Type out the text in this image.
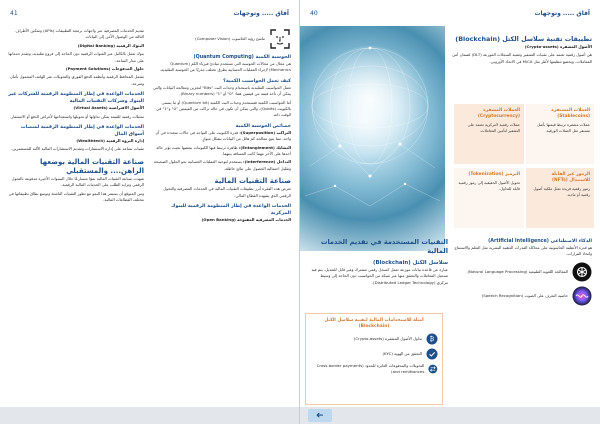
41	آفاق ..... وتوجهات
ماسح رؤية الحاسوب (Computer Vision)
الحوسبة الكمية (Quantum Computing)

هي مجال من مجالات الحوسبة التي تستخدم مبادئ فيزياء الكم (Quantum Mechanics) لإجراء العمليات الحسابية بطرق تختلف جذريًا عن الحوسبة التقليدية.

كيف تعمل الحواسيب الكمية؟

تعمل الحواسيب التقليدية باستخدام وحدات البت "Bits" لتخزين ومعالجة البيانات والتي يمكن أن تأخذ قيمة من قيمتين هما: "0" أو "1" (Binary numbers).

أما الحواسيب الكمية فتستخدم وحدات البت الكمية (Quantum bit) أو ما يسمى بالكيوبت (Qubits)، والتي يمكن أن تكون في حالة تراكب من القيمتين "0" و"1" في الوقت ذاته.

خصائص الحوسبة الكمية

التراكب (Superposition): قدرة الكيوبت على التواجد في حالات متعددة في آن واحد، مما يتيح معالجة كم هائل من البيانات بشكل متوازٍ.

التشابك (Entanglement): ظاهرة ترتبط فيها الكيوبتات ببعضها بحيث تؤثر حالة أحدها على الآخر مهما كانت المسافة بينهما.

التداخل (Interference): يستخدم لتوجيه العمليات الحسابية نحو الحلول الصحيحة وتقليل احتمالية الحصول على نتائج خاطئة.

صناعة التقنيات المالية

تعرض هذه الفقرة أبرز تطبيقات التقنيات المالية في الخدمات المصرفية والتحول الرقمي الذي يشهده القطاع المالي.

الخدمات الواعدة في إطار المنظومة الرقمية للبنوك المركزية

الخدمات المصرفية المفتوحة (Open Banking)

تقديم الخدمات المصرفية عبر واجهات برمجة التطبيقات (APIs) وتمكين الأطراف الثالثة من الوصول الآمن إلى البيانات.

البنوك الرقمية (Digital Banking)

بنوك تعمل بالكامل عبر القنوات الرقمية دون الحاجة إلى فروع تقليدية، وتقدم خدماتها على مدار الساعة.

حلول المدفوعات (Payment Solutions)

تشمل المحافظ الرقمية وأنظمة الدفع الفوري والتحويلات عبر الهاتف المحمول بأمان وسرعة.

الخدمات الواعدة في إطار المنظومة الرقمية للشركات غير البنوك وشركات التقنيات المالية

الأصول الافتراضية (Virtual Assets)

تمثيلات رقمية للقيمة يمكن تداولها أو تحويلها واستخدامها لأغراض الدفع أو الاستثمار.

الخدمات الواعدة في إطار المنظومة الرقمية لمنصات أسواق المال

إدارة الثروة الرقمية (Wealthtech)

تقنيات تساعد على إدارة الاستثمارات وتقديم الاستشارات المالية الآلية للمستثمرين.

صناعة التقنيات المالية بوضعها الراهن.... والمستقبلي

شهدت صناعة التقنيات المالية نموًا متسارعًا خلال السنوات الأخيرة مدفوعة بالتحول الرقمي وتزايد الطلب على الخدمات المالية الرقمية.

ومن المتوقع أن يستمر هذا النمو مع تطور التقنيات الناشئة وتوسع نطاق تطبيقاتها في مختلف القطاعات المالية.

40	آفاق ..... وتوجهات
التقنيات المستخدمة في تقديم الخدمات المالية
سلاسل الكتل (Blockchain)

عبارة عن قاعدة بيانات موزعة تعمل كسجل رقمي مشترك وغير قابل للتعديل، يتم فيه تسجيل المعاملات والتحقق منها عبر شبكة من الحواسيب دون الحاجة إلى وسيط مركزي (Distributed Ledger Technology).

أمثلة للاستخدامات المالية لتقنية سلاسل الكتل (Blockchain)
₿
تداول الأصول المشفرة (Crypto-assets)
التحقق من الهوية (KYC)
التحويلات والمدفوعات العابرة للحدود (Cross-border payments and remittances)
تطبيقات تقنية سلاسل الكتل (Blockchain)

الأصول المشفرة (Crypto-assets)

هي أصول رقمية تعتمد على تقنيات التشفير وتقنية السجلات الموزعة (DLT) لضمان أمن المعاملات، ويخضع تنظيمها لأطر مثل MiCA في الاتحاد الأوروبي.

العملات المشفرة (Cryptocurrency)
عملات رقمية لامركزية تعتمد على التشفير لتأمين المعاملات.
العملات المستقرة (Stablecoins)
عملات مشفرة ترتبط قيمتها بأصل مستقر مثل العملات الورقية.
الترميز (Tokenization)
تحويل الأصول الحقيقية إلى رموز رقمية قابلة للتداول.
الرموز غير القابلة للاستبدال (NFTs)
رموز رقمية فريدة تمثل ملكية أصول رقمية أو مادية.
الذكاء الاصطناعي (Artificial Intelligence)

هو قدرة الأنظمة الحاسوبية على محاكاة القدرات الذهنية البشرية مثل التعلم والاستنتاج واتخاذ القرارات.

المعالجة اللغوية الطبيعية (Natural Language Processing)
خاصية التعرف على الصوت (Speech Recognition)
➜
